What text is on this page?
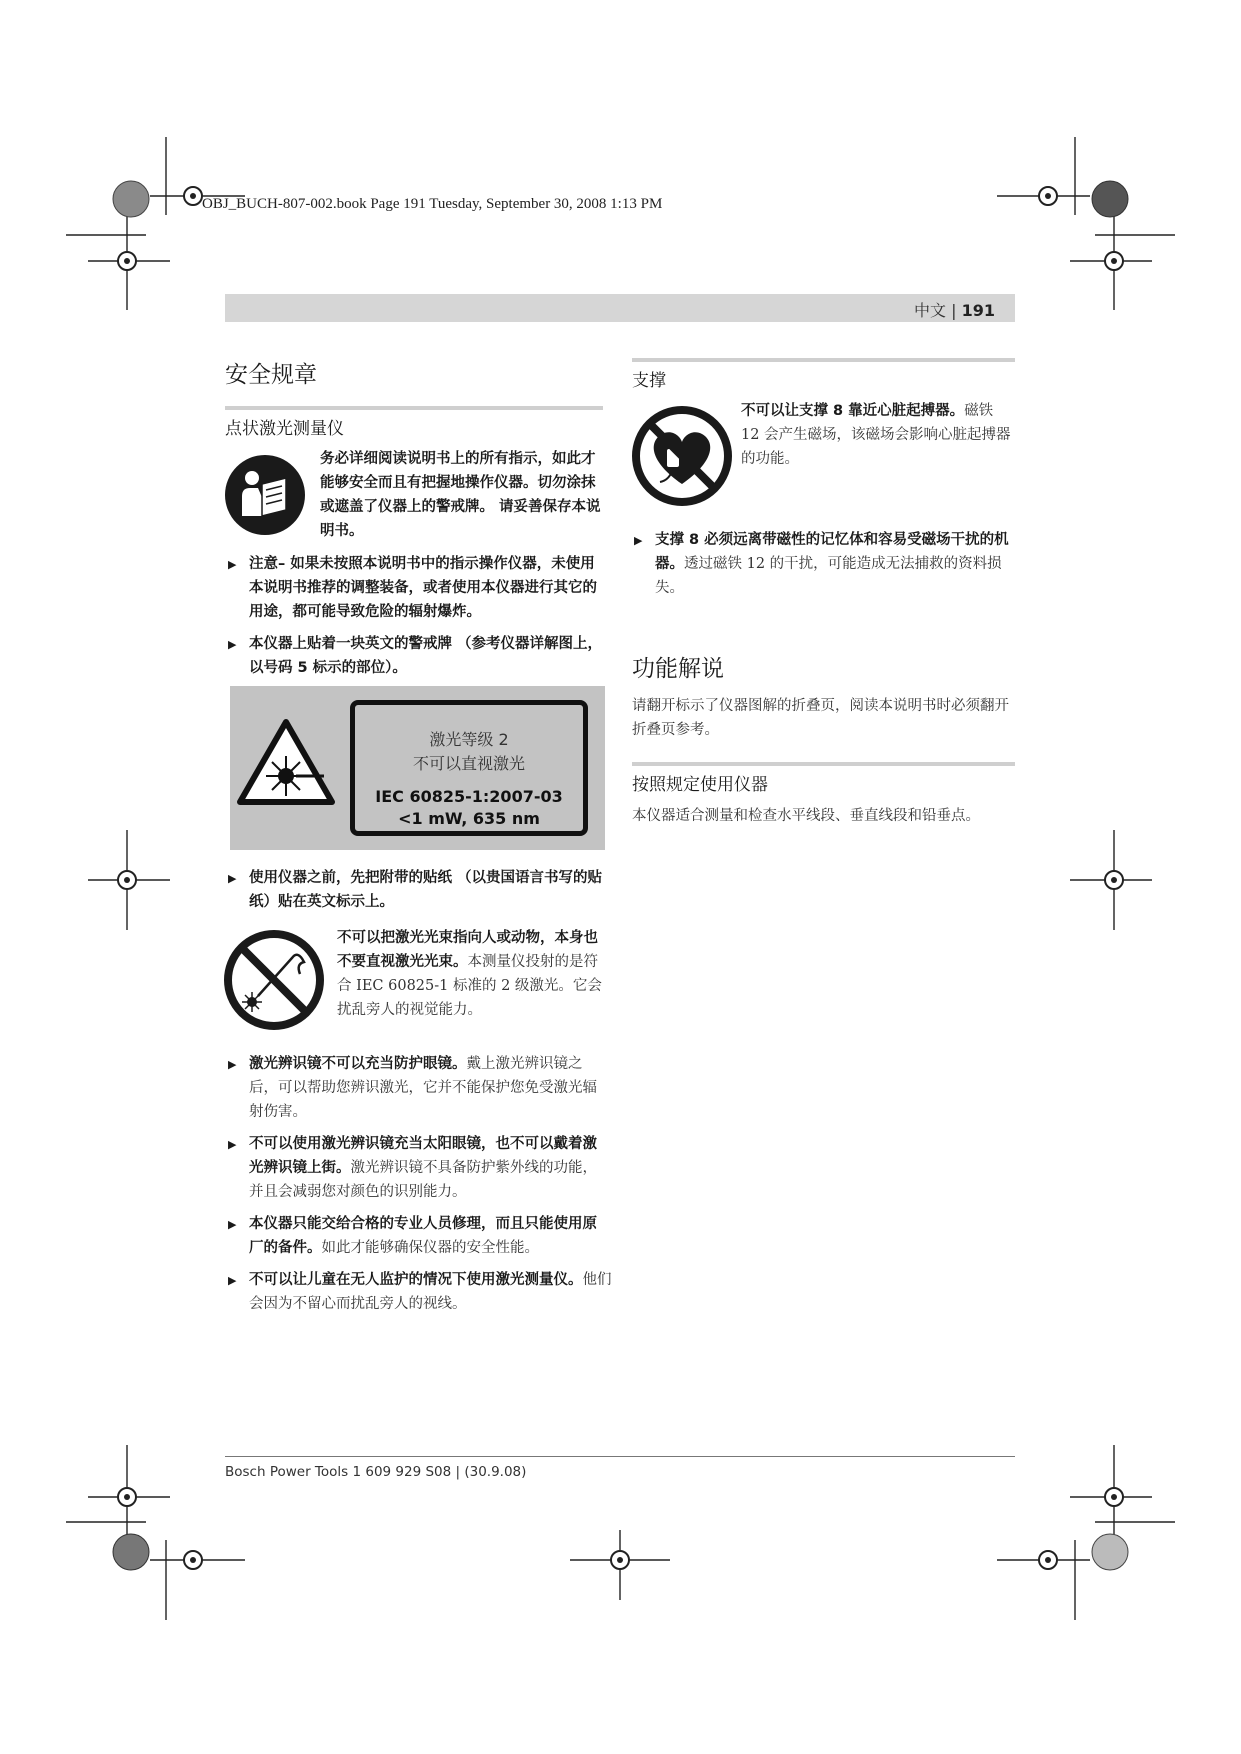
OBJ_BUCH-807-002.book Page 191 Tuesday, September 30, 2008 1:13 PM
中文 | 191
安全规章
点状激光测量仪
务必详细阅读说明书上的所有指示，如此才能够安全而且有把握地操作仪器。切勿涂抹或遮盖了仪器上的警戒牌。 请妥善保存本说明书。
▶ 注意– 如果未按照本说明书中的指示操作仪器，未使用本说明书推荐的调整装备，或者使用本仪器进行其它的用途，都可能导致危险的辐射爆炸。
▶ 本仪器上贴着一块英文的警戒牌 （参考仪器详解图上，以号码 5 标示的部位）。
激光等级 2
不可以直视激光
IEC 60825-1:2007-03
<1 mW, 635 nm
▶ 使用仪器之前，先把附带的贴纸 （以贵国语言书写的贴纸）贴在英文标示上。
不可以把激光光束指向人或动物，本身也不要直视激光光束。本测量仪投射的是符合 IEC 60825-1 标准的 2 级激光。它会扰乱旁人的视觉能力。
▶ 激光辨识镜不可以充当防护眼镜。戴上激光辨识镜之后，可以帮助您辨识激光，它并不能保护您免受激光辐射伤害。
▶ 不可以使用激光辨识镜充当太阳眼镜，也不可以戴着激光辨识镜上街。激光辨识镜不具备防护紫外线的功能，并且会减弱您对颜色的识别能力。
▶ 本仪器只能交给合格的专业人员修理，而且只能使用原厂的备件。如此才能够确保仪器的安全性能。
▶ 不可以让儿童在无人监护的情况下使用激光测量仪。他们会因为不留心而扰乱旁人的视线。
支撑
不可以让支撑 8 靠近心脏起搏器。磁铁 12 会产生磁场，该磁场会影响心脏起搏器的功能。
▶ 支撑 8 必须远离带磁性的记忆体和容易受磁场干扰的机器。透过磁铁 12 的干扰，可能造成无法捕救的资料损失。
功能解说
请翻开标示了仪器图解的折叠页，阅读本说明书时必须翻开折叠页参考。
按照规定使用仪器
本仪器适合测量和检查水平线段、垂直线段和铅垂点。
Bosch Power Tools 1 609 929 S08 | (30.9.08)
